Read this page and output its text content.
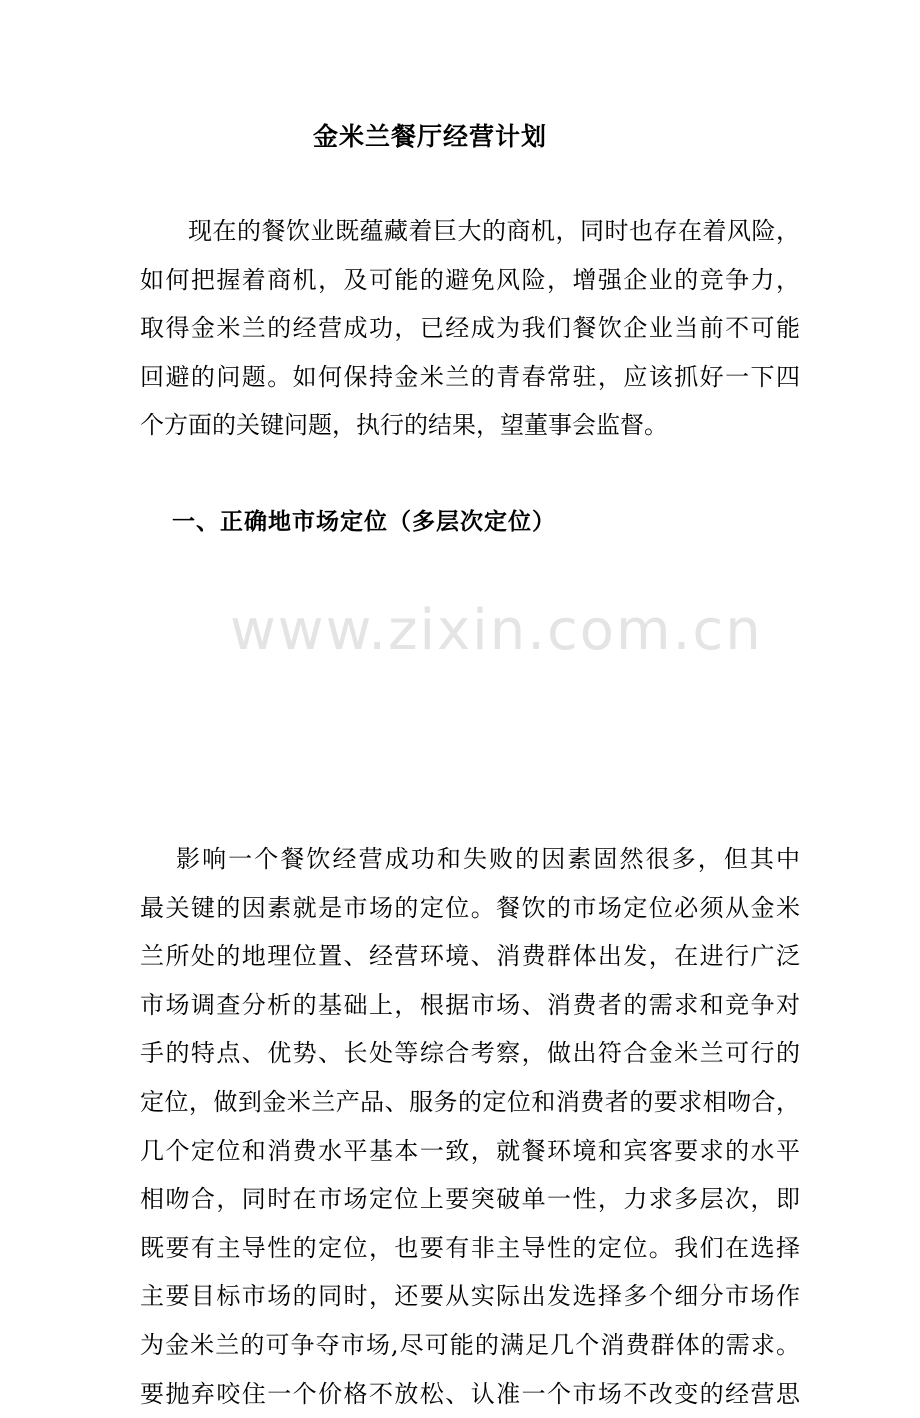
金米兰餐厅经营计划
现在的餐饮业既蕴藏着巨大的商机，同时也存在着风险，
如何把握着商机，及可能的避免风险，增强企业的竞争力，
取得金米兰的经营成功，已经成为我们餐饮企业当前不可能
回避的问题。如何保持金米兰的青春常驻，应该抓好一下四
个方面的关键问题，执行的结果，望董事会监督。
一、正确地市场定位（多层次定位）
影响一个餐饮经营成功和失败的因素固然很多，但其中
最关键的因素就是市场的定位。餐饮的市场定位必须从金米
兰所处的地理位置、经营环境、消费群体出发，在进行广泛
市场调查分析的基础上，根据市场、消费者的需求和竞争对
手的特点、优势、长处等综合考察，做出符合金米兰可行的
定位，做到金米兰产品、服务的定位和消费者的要求相吻合，
几个定位和消费水平基本一致，就餐环境和宾客要求的水平
相吻合，同时在市场定位上要突破单一性，力求多层次，即
既要有主导性的定位，也要有非主导性的定位。我们在选择
主要目标市场的同时，还要从实际出发选择多个细分市场作
为金米兰的可争夺市场,尽可能的满足几个消费群体的需求。
要抛弃咬住一个价格不放松、认准一个市场不改变的经营思
www.zixin.com.cn
